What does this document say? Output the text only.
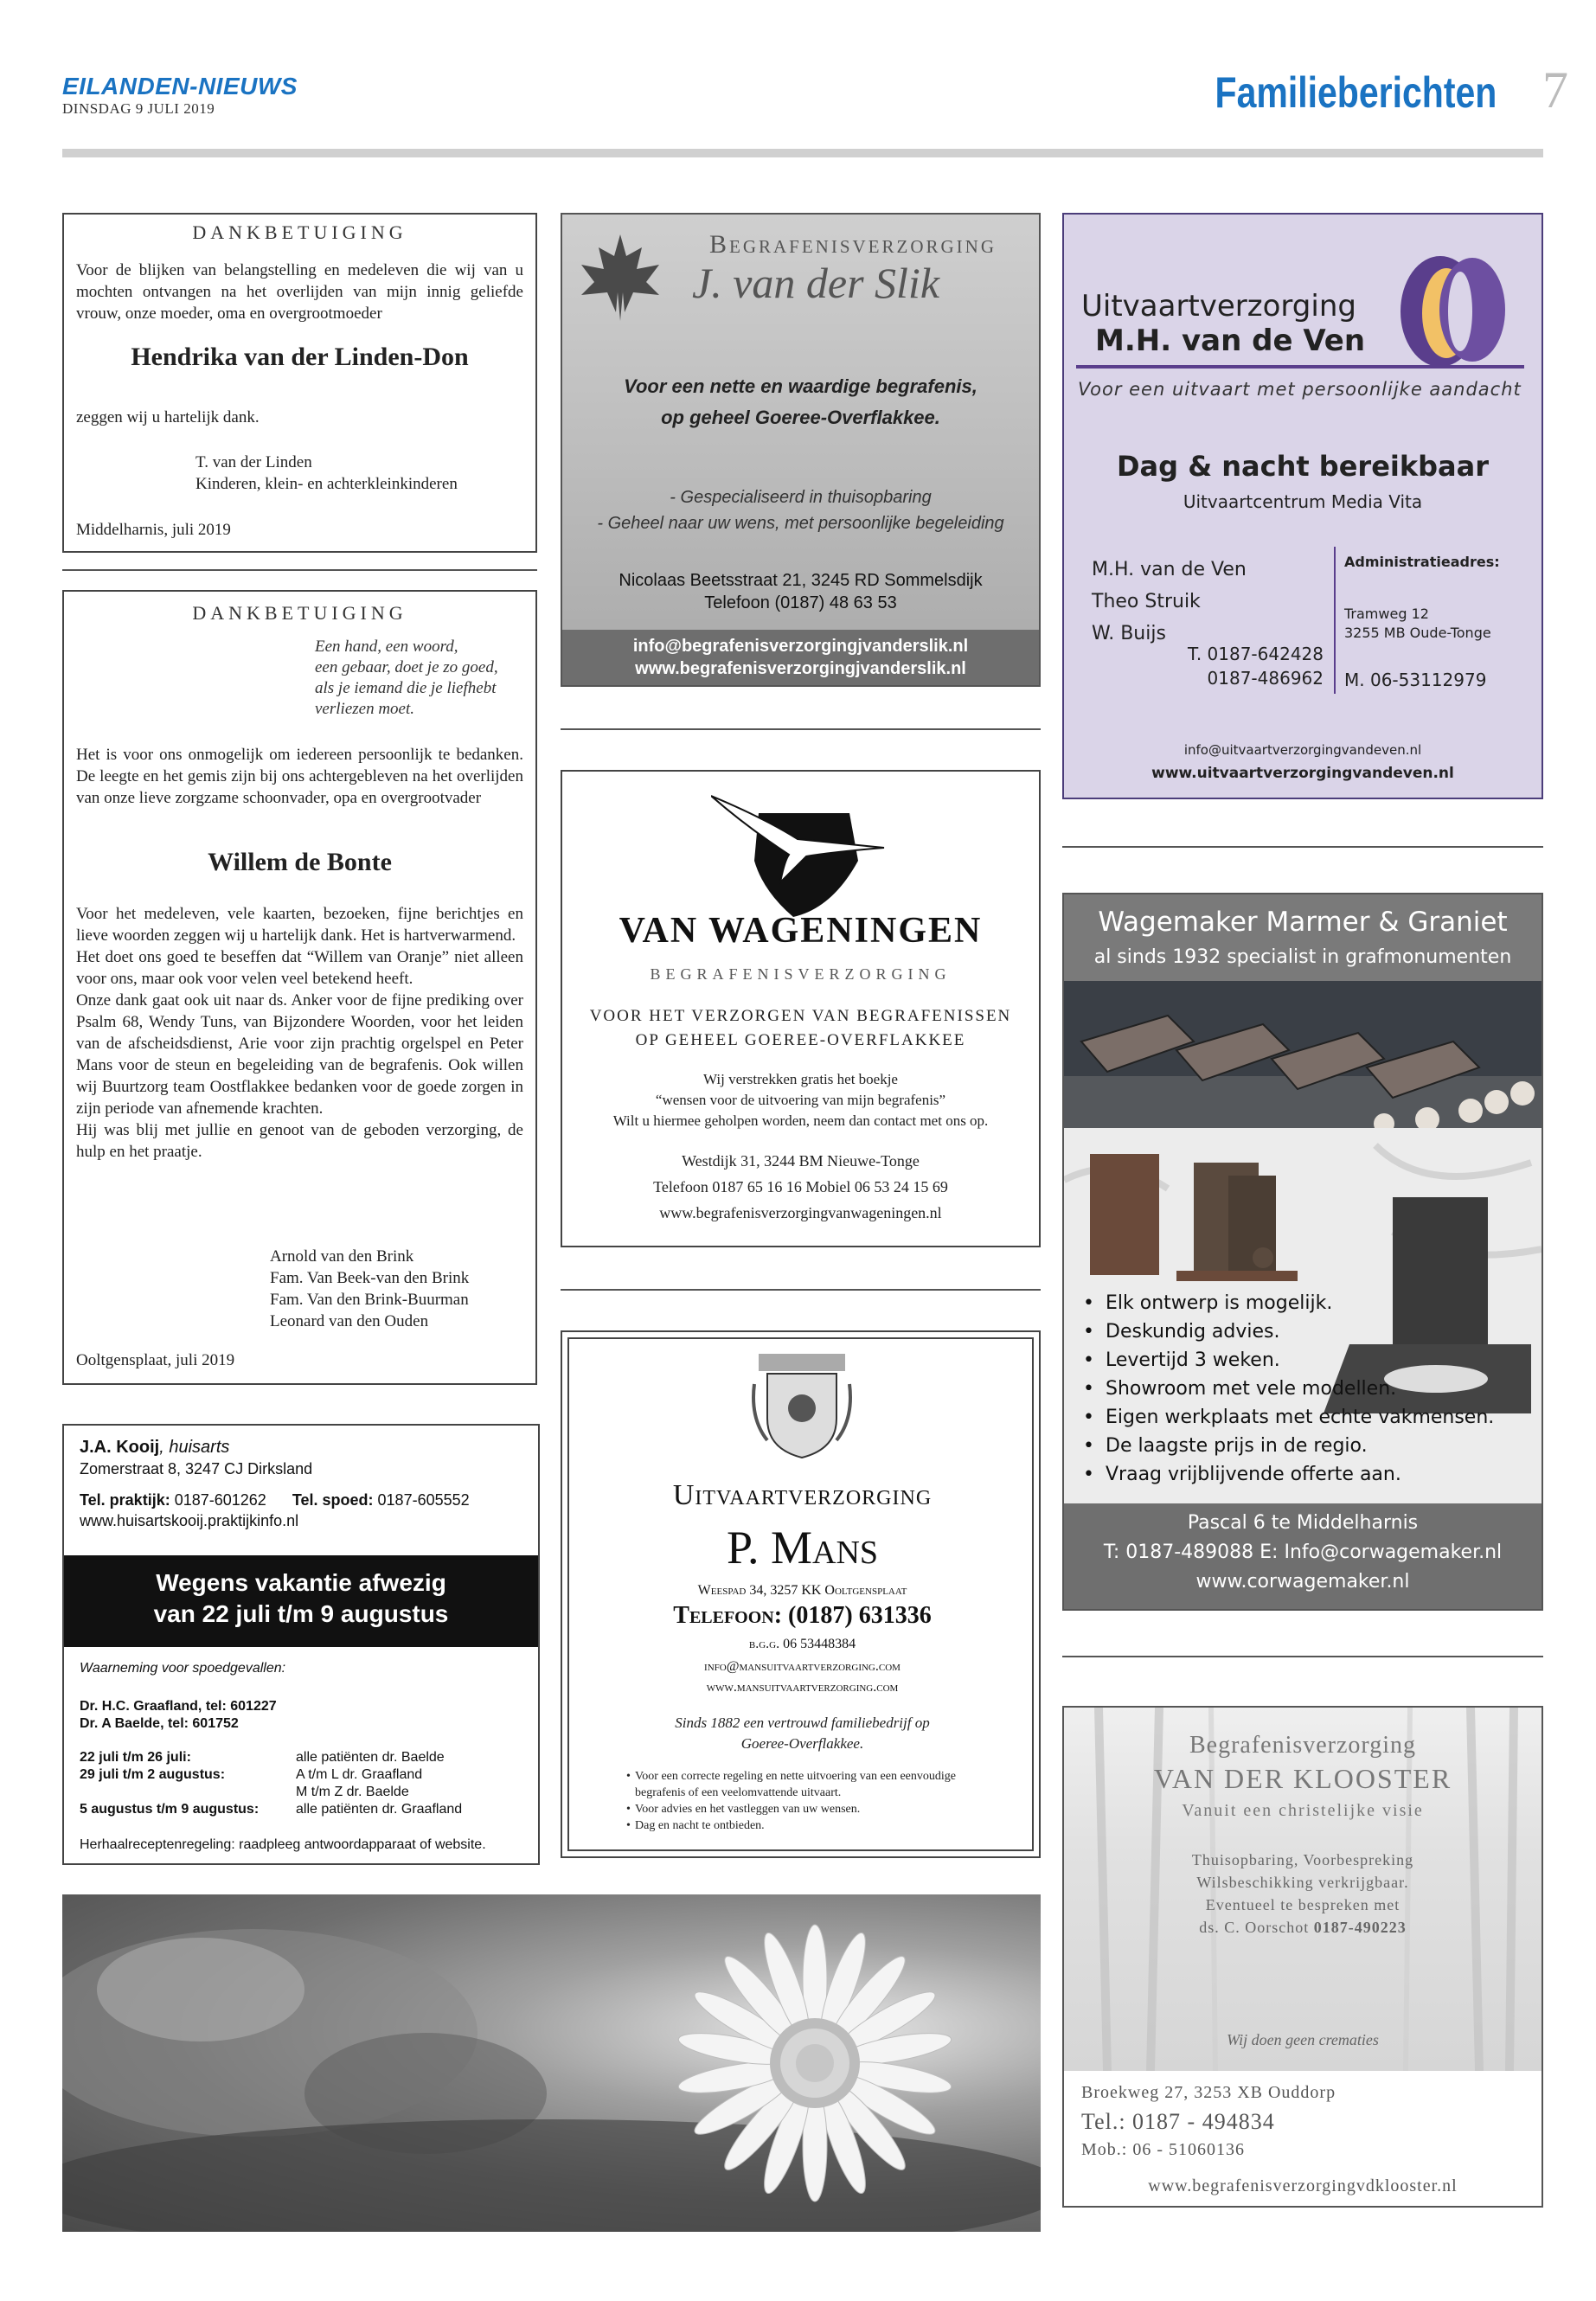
EILANDEN-NIEUWS
DINSDAG 9 JULI 2019	Familieberichten 7
DANKBETUIGING
Voor de blijken van belangstelling en medeleven die wij van u mochten ontvangen na het overlijden van mijn innig geliefde vrouw, onze moeder, oma en overgrootmoeder
Hendrika van der Linden-Don
zeggen wij u hartelijk dank.
T. van der Linden
Kinderen, klein- en achterkleinkinderen
Middelharnis, juli 2019
DANKBETUIGING
Een hand, een woord,
een gebaar, doet je zo goed,
als je iemand die je liefhebt
verliezen moet.
Het is voor ons onmogelijk om iedereen persoonlijk te bedanken. De leegte en het gemis zijn bij ons achtergebleven na het overlijden van onze lieve zorgzame schoonvader, opa en overgrootvader
Willem de Bonte
Voor het medeleven, vele kaarten, bezoeken, fijne berichtjes en lieve woorden zeggen wij u hartelijk dank. Het is hartverwarmend.
Het doet ons goed te beseffen dat “Willem van Oranje” niet alleen voor ons, maar ook voor velen veel betekend heeft.
Onze dank gaat ook uit naar ds. Anker voor de fijne prediking over Psalm 68, Wendy Tuns, van Bijzondere Woorden, voor het leiden van de afscheidsdienst, Arie voor zijn prachtig orgelspel en Peter Mans voor de steun en begeleiding van de begrafenis. Ook willen wij Buurtzorg team Oostflakkee bedanken voor de goede zorgen in zijn periode van afnemende krachten.
Hij was blij met jullie en genoot van de geboden verzorging, de hulp en het praatje.
Arnold van den Brink
Fam. Van Beek-van den Brink
Fam. Van den Brink-Buurman
Leonard van den Ouden
Ooltgensplaat, juli 2019
J.A. Kooij, huisarts
Zomerstraat 8, 3247 CJ Dirksland
Tel. praktijk: 0187-601262 Tel. spoed: 0187-605552
www.huisartskooij.praktijkinfo.nl
Wegens vakantie afwezig
van 22 juli t/m 9 augustus
Waarneming voor spoedgevallen:
Dr. H.C. Graafland, tel: 601227
Dr. A Baelde, tel: 601752
22 juli t/m 26 juli:	alle patiënten dr. Baelde
29 juli t/m 2 augustus:	A t/m L dr. Graafland
M t/m Z dr. Baelde
5 augustus t/m 9 augustus:	alle patiënten dr. Graafland
Herhaalreceptenregeling: raadpleeg antwoordapparaat of website.
Begrafenisverzorging
J. van der Slik
Voor een nette en waardige begrafenis,
op geheel Goeree-Overflakkee.
- Gespecialiseerd in thuisopbaring
- Geheel naar uw wens, met persoonlijke begeleiding
Nicolaas Beetsstraat 21, 3245 RD Sommelsdijk
Telefoon (0187) 48 63 53
info@begrafenisverzorgingjvanderslik.nl
www.begrafenisverzorgingjvanderslik.nl
VAN WAGENINGEN
BEGRAFENISVERZORGING
VOOR HET VERZORGEN VAN BEGRAFENISSEN
OP GEHEEL GOEREE-OVERFLAKKEE
Wij verstrekken gratis het boekje
“wensen voor de uitvoering van mijn begrafenis”
Wilt u hiermee geholpen worden, neem dan contact met ons op.
Westdijk 31, 3244 BM Nieuwe-Tonge
Telefoon 0187 65 16 16 Mobiel 06 53 24 15 69
www.begrafenisverzorgingvanwageningen.nl
Uitvaartverzorging
P. Mans
Weespad 34, 3257 KK Ooltgensplaat
Telefoon: (0187) 631336
b.g.g. 06 53448384
info@mansuitvaartverzorging.com
www.mansuitvaartverzorging.com
Sinds 1882 een vertrouwd familiebedrijf op
Goeree-Overflakkee.
• Voor een correcte regeling en nette uitvoering van een eenvoudige begrafenis of een veelomvattende uitvaart.
• Voor advies en het vastleggen van uw wensen.
• Dag en nacht te ontbieden.
Uitvaartverzorging
M.H. van de Ven
Voor een uitvaart met persoonlijke aandacht
Dag & nacht bereikbaar
Uitvaartcentrum Media Vita
M.H. van de Ven
Theo Struik
W. Buijs
T. 0187-642428
0187-486962
Administratieadres:
Tramweg 12
3255 MB Oude-Tonge
M. 06-53112979
info@uitvaartverzorgingvandeven.nl
www.uitvaartverzorgingvandeven.nl
Wagemaker Marmer & Graniet
al sinds 1932 specialist in grafmonumenten
• Elk ontwerp is mogelijk.
• Deskundig advies.
• Levertijd 3 weken.
• Showroom met vele modellen.
• Eigen werkplaats met echte vakmensen.
• De laagste prijs in de regio.
• Vraag vrijblijvende offerte aan.
Pascal 6 te Middelharnis
T: 0187-489088 E: Info@corwagemaker.nl
www.corwagemaker.nl
Begrafenisverzorging
VAN DER KLOOSTER
Vanuit een christelijke visie
Thuisopbaring, Voorbespreking
Wilsbeschikking verkrijgbaar.
Eventueel te bespreken met
ds. C. Oorschot 0187-490223
Wij doen geen crematies
Broekweg 27, 3253 XB Ouddorp
Tel.: 0187 - 494834
Mob.: 06 - 51060136
www.begrafenisverzorgingvdklooster.nl
